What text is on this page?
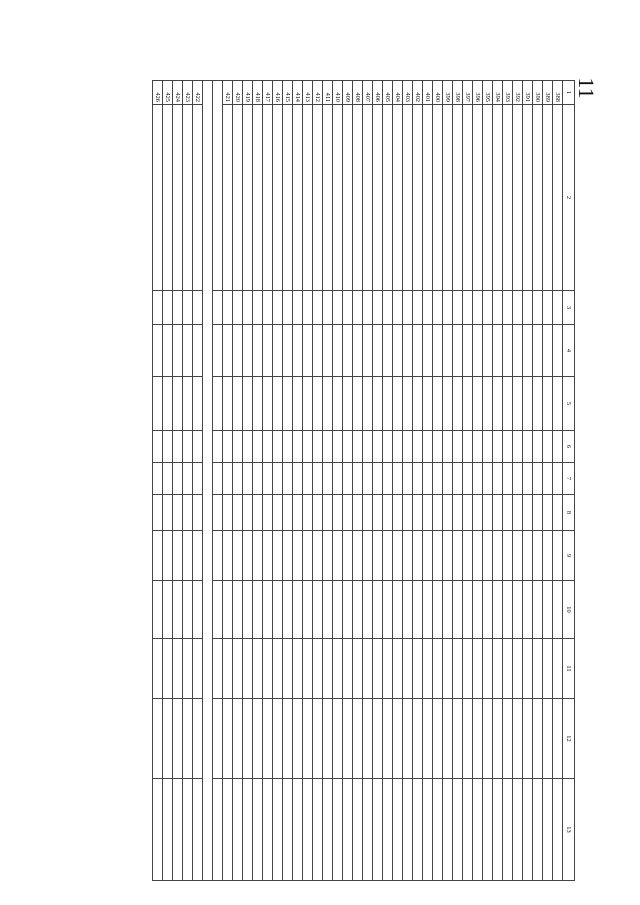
11
1	2	3	4	5	6	7	8	9	10	11	12	13
388												
389												
390												
391												
392												
393												
394												
395												
396												
397												
398												
399												
400												
401												
402												
403												
404												
405												
406												
407												
408												
409												
410												
411												
412												
413												
414												
415												
416												
417												
418												
419												
420												
421												

422												
423												
424												
425												
426												
